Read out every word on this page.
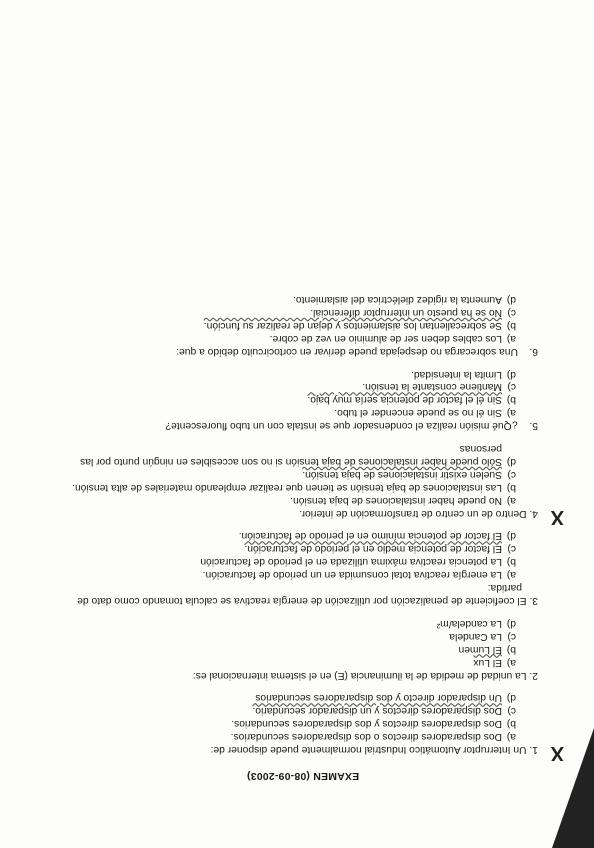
EXAMEN (08-09-2003)
X
1. Un Interruptor Automático Industrial normalmente puede disponer de:
a)
Dos disparadores directos o dos disparadores secundarios.
b)
Dos disparadores directos y dos disparadores secundarios.
c)
Dos disparadores directos y un disparador secundario.
d)
Un disparador directo y dos disparadores secundarios
2. La unidad de medida de la iluminancia (E) en el sistema internacional es:
a)
El Lux
b)
El Lumen
c)
La Candela
d)
La candela/m²
3. El coeficiente de penalización por utilización de energía reactiva se calcula tomando como dato de partida:
a)
La energía reactiva total consumida en un periodo de facturación.
b)
La potencia reactiva máxima utilizada en el periodo de facturación
c)
El factor de potencia medio en el periodo de facturación.
d)
El factor de potencia mínimo en el periodo de facturación.
X
4. Dentro de un centro de transformación de interior.
a)
No puede haber instalaciones de baja tensión.
b)
Las instalaciones de baja tensión se tienen que realizar empleando materiales de alta tensión.
c)
Suelen existir instalaciones de baja tensión.
d)
Sólo puede haber instalaciones de baja tensión si no son accesibles en ningún punto por las personas
5.    ¿Qué misión realiza el condensador que se instala con un tubo fluorescente?
a)
Sin él no se puede encender el tubo.
b)
Sin él el factor de potencia sería muy bajo.
c)
Mantiene constante la tensión.
d)
Limita la intensidad.
6.    Una sobrecarga no despejada puede derivar en cortocircuito debido a que:
a)
Los cables deben ser de aluminio en vez de cobre.
b)
Se sobrecalientan los aislamientos y dejan de realizar su función.
c)
No se ha puesto un interruptor diferencial.
d)
Aumenta la rigidez dieléctrica del aislamiento.
